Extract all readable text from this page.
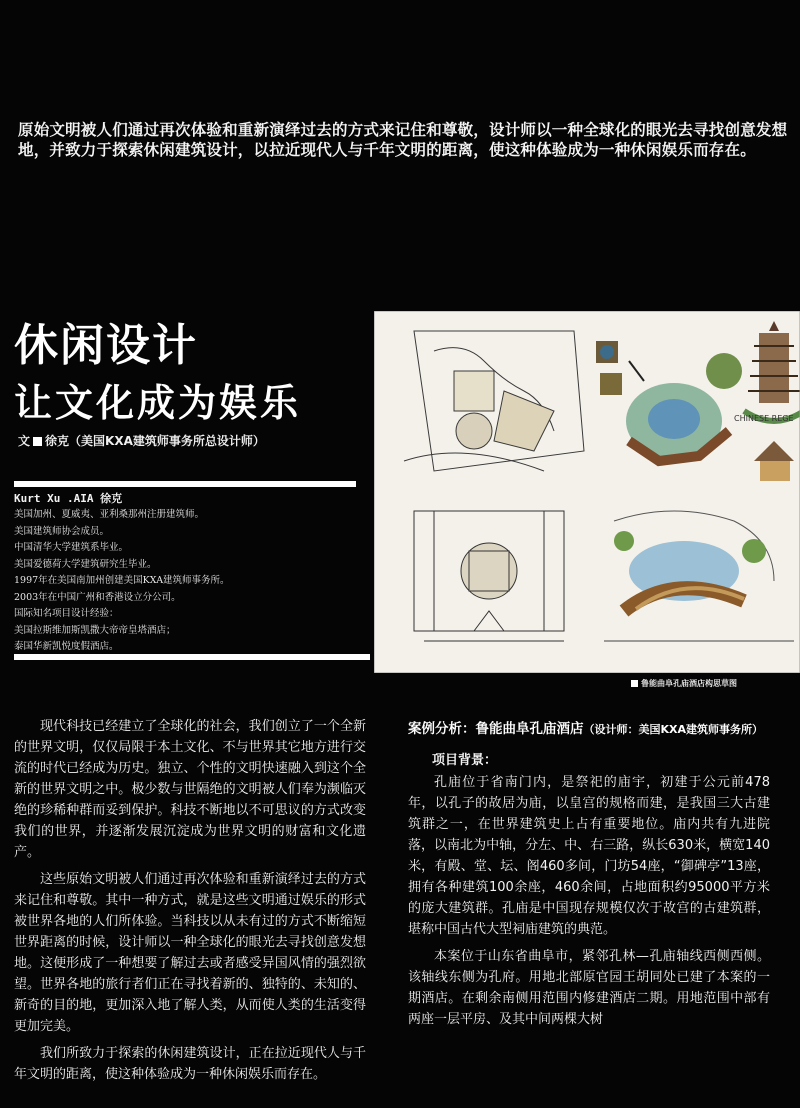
原始文明被人们通过再次体验和重新演绎过去的方式来记住和尊敬，设计师以一种全球化的眼光去寻找创意发想地，并致力于探索休闲建筑设计，以拉近现代人与千年文明的距离，使这种体验成为一种休闲娱乐而存在。
休闲设计
让文化成为娱乐
文 徐克（美国KXA建筑师事务所总设计师）
Kurt Xu .AIA 徐克
美国加州、夏威夷、亚利桑那州注册建筑师。
美国建筑师协会成员。
中国清华大学建筑系毕业。
美国爱德荷大学建筑研究生毕业。
1997年在美国南加州创建美国KXA建筑师事务所。
2003年在中国广州和香港设立分公司。
国际知名项目设计经验：
美国拉斯维加斯凯撒大帝帝皇塔酒店；
泰国华新凯悦度假酒店。
CHINESE REGE
鲁能曲阜孔庙酒店构思草图

现代科技已经建立了全球化的社会，我们创立了一个全新的世界文明，仅仅局限于本土文化、不与世界其它地方进行交流的时代已经成为历史。独立、个性的文明快速融入到这个全新的世界文明之中。极少数与世隔绝的文明被人们奉为濒临灭绝的珍稀种群而妥到保护。科技不断地以不可思议的方式改变我们的世界，并逐渐发展沉淀成为世界文明的财富和文化遗产。

这些原始文明被人们通过再次体验和重新演绎过去的方式来记住和尊敬。其中一种方式，就是这些文明通过娱乐的形式被世界各地的人们所体验。当科技以从未有过的方式不断缩短世界距离的时候，设计师以一种全球化的眼光去寻找创意发想地。这便形成了一种想要了解过去或者感受异国风情的强烈欲望。世界各地的旅行者们正在寻找着新的、独特的、未知的、新奇的目的地，更加深入地了解人类，从而使人类的生活变得更加完美。

我们所致力于探索的休闲建筑设计，正在拉近现代人与千年文明的距离，使这种体验成为一种休闲娱乐而存在。

案例分析：鲁能曲阜孔庙酒店（设计师：美国KXA建筑师事务所）
项目背景：

孔庙位于省南门内，是祭祀的庙宇，初建于公元前478年，以孔子的故居为庙，以皇宫的规格而建，是我国三大古建筑群之一，在世界建筑史上占有重要地位。庙内共有九进院落，以南北为中轴，分左、中、右三路，纵长630米，横宽140米，有殿、堂、坛、阁460多间，门坊54座，“御碑亭”13座，拥有各种建筑100余座，460余间，占地面积约95000平方米的庞大建筑群。孔庙是中国现存规模仅次于故宫的古建筑群，堪称中国古代大型祠庙建筑的典范。

本案位于山东省曲阜市，紧邻孔林—孔庙轴线西侧西侧。该轴线东侧为孔府。用地北部原官园王胡同处已建了本案的一期酒店。在剩余南侧用范围内修建酒店二期。用地范围中部有两座一层平房、及其中间两棵大树
